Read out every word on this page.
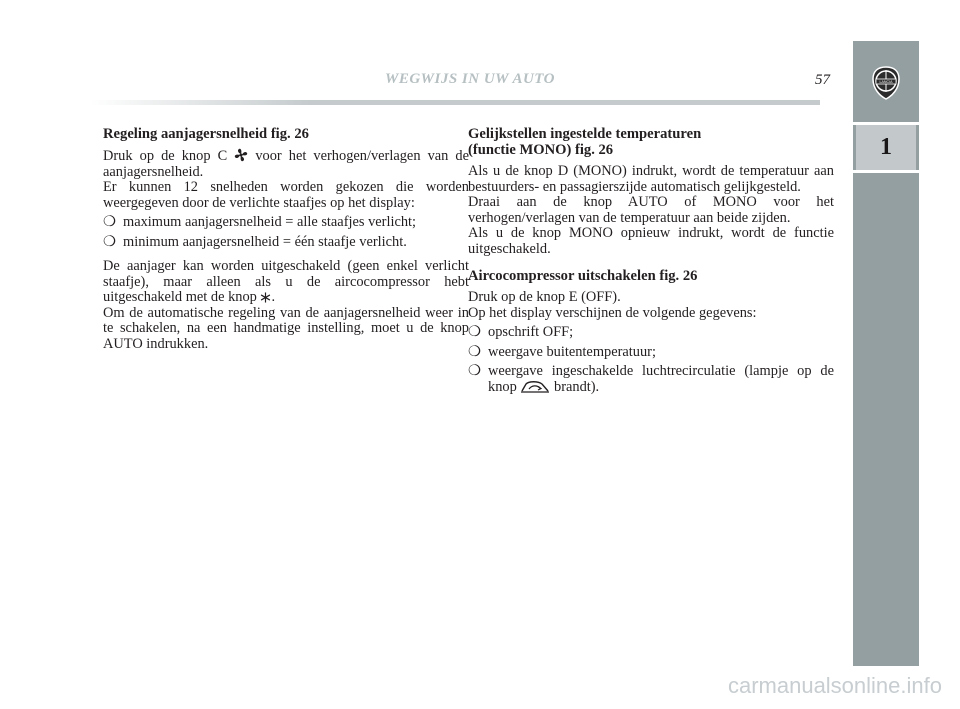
WEGWIJS IN UW AUTO	57	LANCIA
1
Regeling aanjagersnelheid fig. 26

Druk op de knop C voor het verhogen/verlagen van de aanjagersnelheid.

Er kunnen 12 snelheden worden gekozen die worden weergegeven door de verlichte staafjes op het display:

❍ maximum aanjagersnelheid = alle staafjes verlicht;
❍ minimum aanjagersnelheid = één staafje verlicht.

De aanjager kan worden uitgeschakeld (geen enkel verlicht staafje), maar alleen als u de aircocompressor hebt uitgeschakeld met de knop .

Om de automatische regeling van de aanjagersnelheid weer in te schakelen, na een handmatige instelling, moet u de knop AUTO indrukken.

Gelijkstellen ingestelde temperaturen
(functie MONO) fig. 26

Als u de knop D (MONO) indrukt, wordt de temperatuur aan bestuurders- en passagierszijde automatisch gelijkgesteld.

Draai aan de knop AUTO of MONO voor het verhogen/verlagen van de temperatuur aan beide zijden.

Als u de knop MONO opnieuw indrukt, wordt de functie uitgeschakeld.

Aircocompressor uitschakelen fig. 26

Druk op de knop E (OFF).

Op het display verschijnen de volgende gegevens:

❍ opschrift OFF;
❍ weergave buitentemperatuur;
❍ weergave ingeschakelde luchtrecirculatie (lampje op de knop	brandt).
carmanualsonline.info
